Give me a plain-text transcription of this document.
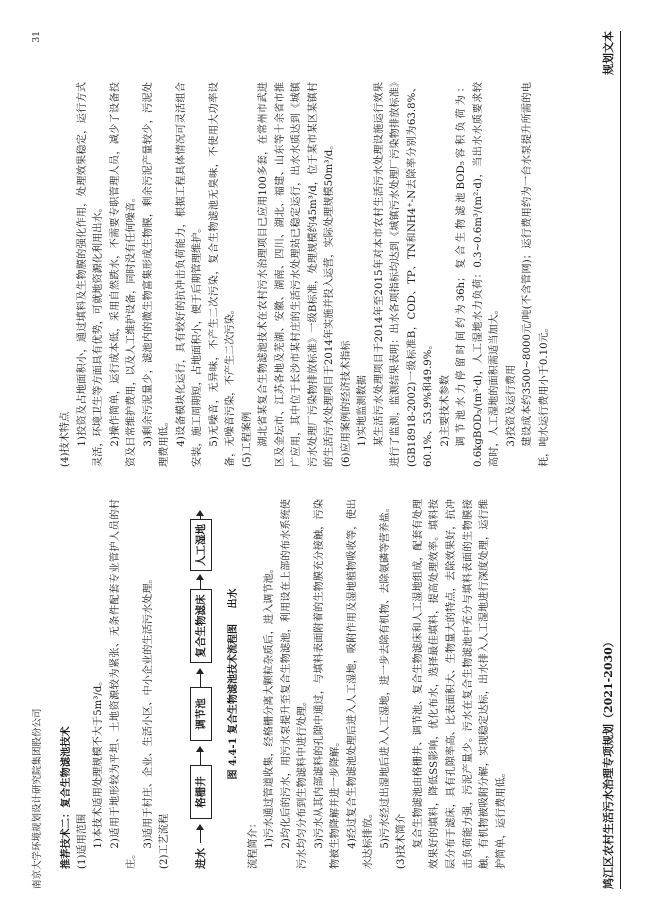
鸠江区农村生活污水治理专项规划（2021-2030）
规划文本
31
南京大学环境规划设计研究院集团股份公司 推荐技术二：复合生物滤池技术 (1)适用范围 1)本技术适用处理规模不大于5m³/d。 2)适用于地形较为平坦、土地资源较为紧张、无条件配套专业管护人员的村庄。

3)适用于村庄、企业、生活小区、中小企业的生活污水处理。 (2)工艺流程	进水
格栅井
调节池
复合生物滤床
人工湿地
图 4.4-1 复合生物滤池技术流程图 出水

流程简介： 1)污水通过管道收集，经格栅分离大颗粒杂质后，进入调节池。 2)均化后的污水，用污水泵提升至复合生物滤池，利用设在上部的布水系统使污水均匀分布到生物滤料中进行处理。 3)污水从其内部滤料的孔隙中通过，与填料表面附着的生物膜充分接触，污染物被生物降解并进一步降解。 4)经过复合生物滤池处理后进入人工湿地，吸附作用及湿地植物吸收等，使出水达标排放。 5)污水经过出湿地后进入人工湿地，进一步去除有机物、去除氨磷等营养盐。 (3)技术简介 复合生物滤池由格栅井、调节池、复合生物滤床和人工湿地组成，配套有处理效果好的填料，降低SS影响，优化布水，选择最佳填料，提高处理效率。填料按层分布于滤床，具有孔隙率高、比表面积大、生物量大的特点，去除效果好，抗冲击负荷能力强，污泥产量少。污水在复合生物滤池中充分与填料表面的生物膜接触，有机物被吸附分解，实现稳定达标，出水排入人工湿地进行深度处理，运行维护简单，运行费用低。

(4)技术特点 1)投资及占地面积小，通过填料及生物膜的强化作用，处理效果稳定，运行方式灵活，环境卫生等方面具有优势，可就地资源化利用出水。 2)操作简单，运行成本低，采用自然跌水，不需要专职管理人员，减少了设备投资及日常维护费用，以及人工维护设备，同时没有任何噪音。 3)剩余污泥量少，滤池内的微生物富集形成生物膜，剩余污泥产量较少，污泥处理费用低。 4)设备模块化运行，具有较好的抗冲击负荷能力，根据工程具体情况可灵活组合安装，施工周期短，占地面积小，便于后期管理维护。 5)无噪音，无异味，不产生二次污染，复合生物滤池无臭味，不使用大功率设备，无噪音污染，不产生二次污染。 (5)工程案例 湖北省某复合生物滤池技术在农村污水治理项目已应用100多套，在常州市武进区及金坛市、江苏各地及芜湖、安徽、湖南、四川、湖北、福建、山东等十余省市推广应用，其中位于长沙市某村庄的生活污水处理站已稳定运行，出水水质达到《城镇污水处理厂污染物排放标准》一级B标准，处理规模约45m³/d，位于某市某区某镇村的生活污水处理项目于2014年实施并投入运营，实际处理规模50m³/d。 (6)应用案例的经济技术指标 1)实地监测数据 某生活污水处理项目于2014年至2015年对本市农村生活污水处理设施运行效果进行了监测，监测结果表明：出水各项指标均达到《城镇污水处理厂污染物排放标准》(GB18918-2002)一级标准B，COD、TP、TN和NH4⁺-N去除率分别为63.8%、60.1%、53.9%和49.9%。 2)主要技术参数 调节池水力停留时间约为36h；复合生物滤池BOD₅容积负荷为：0.6kgBOD₅/(m³·d)，人工湿地水力负荷：0.3~0.6m³/(m²·d)，当出水水质要求较高时，人工湿地的面积需适当加大。 3)投资及运行费用 建设成本约3500~8000元/吨(不含管网)；运行费用约为一台水泵提升所需的电耗，吨水运行费用小于0.10元。
